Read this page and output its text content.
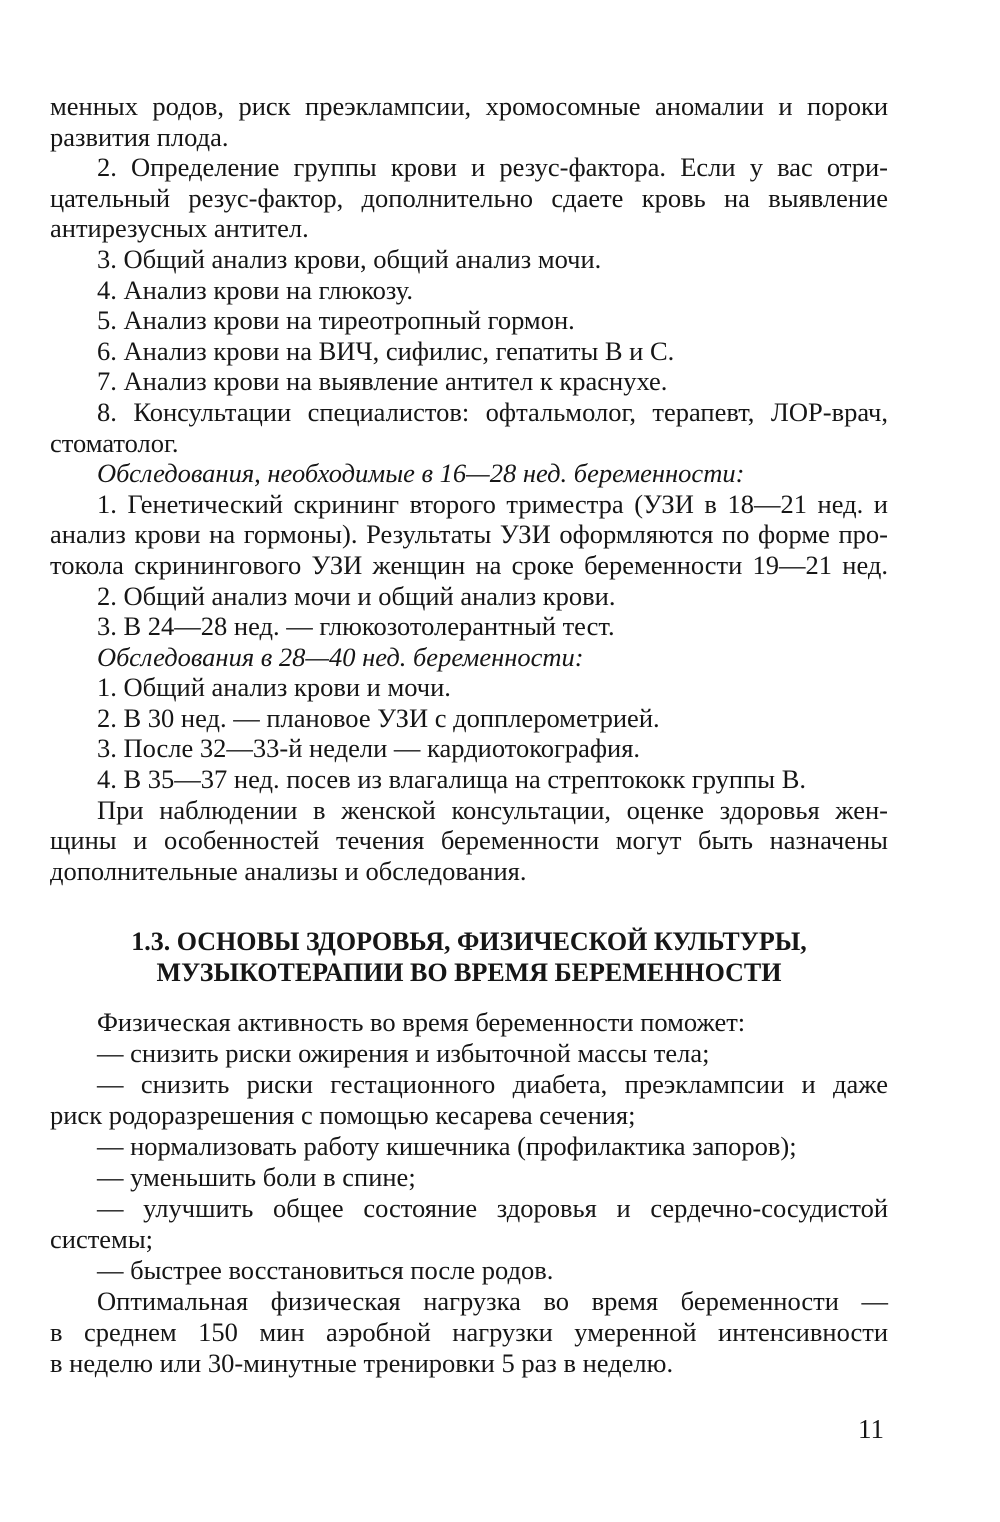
менных родов, риск преэклампсии, хромосомные аномалии и пороки
развития плода.
2. Определение группы крови и резус-фактора. Если у вас отри-
цательный резус-фактор, дополнительно сдаете кровь на выявление
антирезусных антител.
3. Общий анализ крови, общий анализ мочи.
4. Анализ крови на глюкозу.
5. Анализ крови на тиреотропный гормон.
6. Анализ крови на ВИЧ, сифилис, гепатиты В и С.
7. Анализ крови на выявление антител к краснухе.
8. Консультации специалистов: офтальмолог, терапевт, ЛОР-врач,
стоматолог.
Обследования, необходимые в 16—28 нед. беременности:
1. Генетический скрининг второго триместра (УЗИ в 18—21 нед. и
анализ крови на гормоны). Результаты УЗИ оформляются по форме про-
токола скринингового УЗИ женщин на сроке беременности 19—21 нед.
2. Общий анализ мочи и общий анализ крови.
3. В 24—28 нед. — глюкозотолерантный тест.
Обследования в 28—40 нед. беременности:
1. Общий анализ крови и мочи.
2. В 30 нед. — плановое УЗИ с допплерометрией.
3. После 32—33-й недели — кардиотокография.
4. В 35—37 нед. посев из влагалища на стрептококк группы В.
При наблюдении в женской консультации, оценке здоровья жен-
щины и особенностей течения беременности могут быть назначены
дополнительные анализы и обследования.
1.3. ОСНОВЫ ЗДОРОВЬЯ, ФИЗИЧЕСКОЙ КУЛЬТУРЫ,
МУЗЫКОТЕРАПИИ ВО ВРЕМЯ БЕРЕМЕННОСТИ
Физическая активность во время беременности поможет:
— снизить риски ожирения и избыточной массы тела;
— снизить риски гестационного диабета, преэклампсии и даже
риск родоразрешения с помощью кесарева сечения;
— нормализовать работу кишечника (профилактика запоров);
— уменьшить боли в спине;
— улучшить общее состояние здоровья и сердечно-сосудистой
системы;
— быстрее восстановиться после родов.
Оптимальная физическая нагрузка во время беременности —
в среднем 150 мин аэробной нагрузки умеренной интенсивности
в неделю или 30-минутные тренировки 5 раз в неделю.
11
